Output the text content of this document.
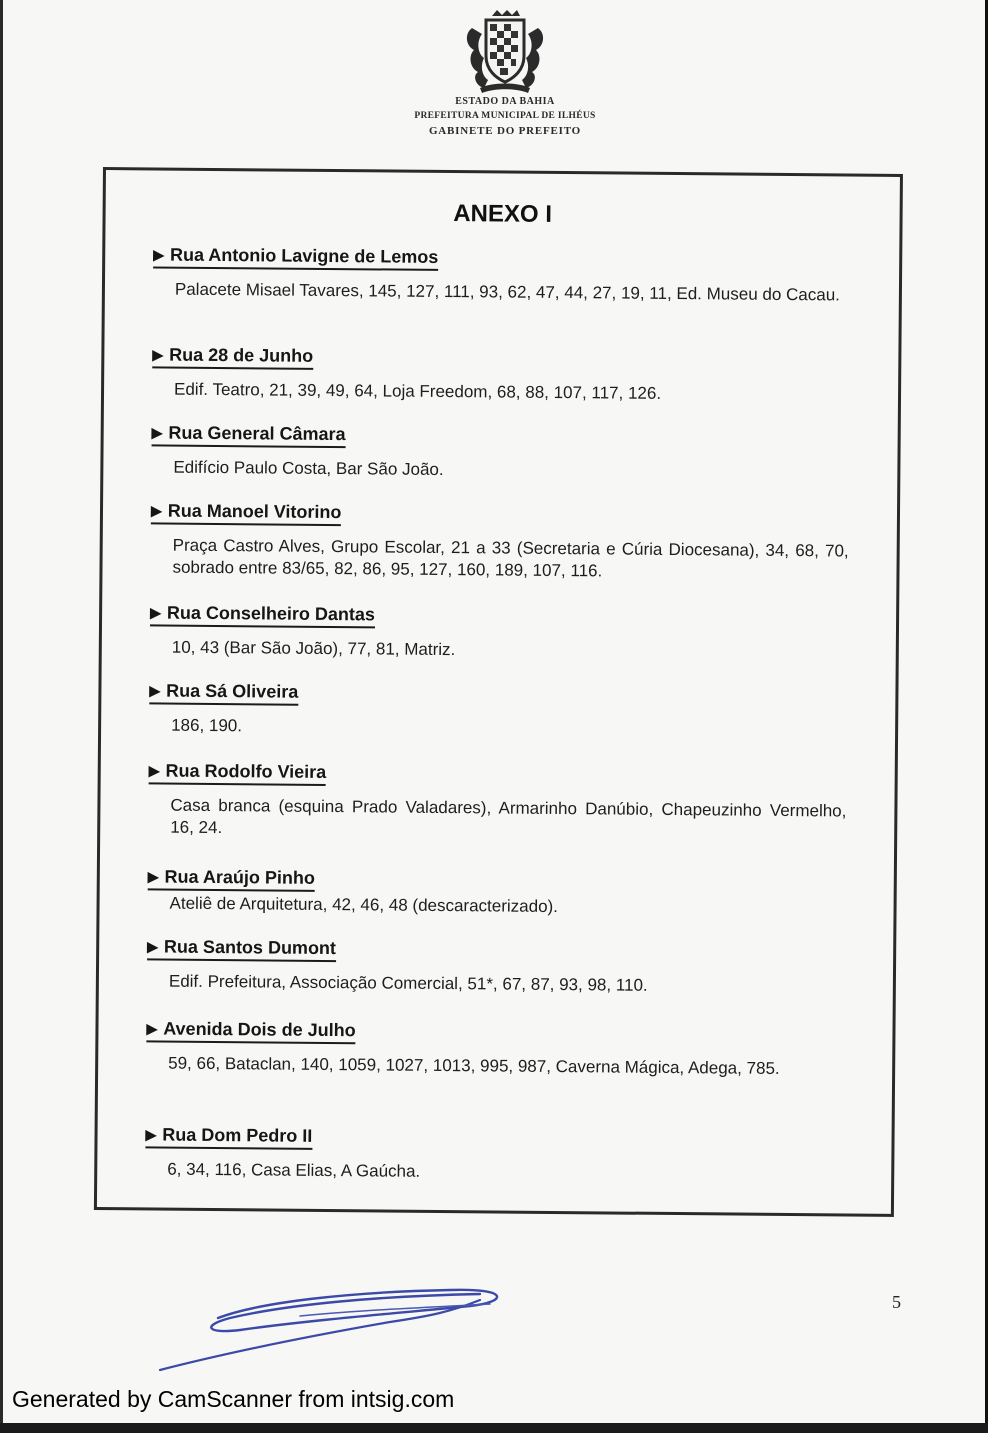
ESTADO DA BAHIA
PREFEITURA MUNICIPAL DE ILHÉUS
GABINETE DO PREFEITO
ANEXO I
▶ Rua Antonio Lavigne de Lemos
Palacete Misael Tavares, 145, 127, 111, 93, 62, 47, 44, 27, 19, 11, Ed. Museu do Cacau.
▶ Rua 28 de Junho
Edif. Teatro, 21, 39, 49, 64, Loja Freedom, 68, 88, 107, 117, 126.
▶ Rua General Câmara
Edifício Paulo Costa, Bar São João.
▶ Rua Manoel Vitorino
Praça Castro Alves, Grupo Escolar, 21 a 33 (Secretaria e Cúria Diocesana), 34, 68, 70, sobrado entre 83/65, 82, 86, 95, 127, 160, 189, 107, 116.
▶ Rua Conselheiro Dantas
10, 43 (Bar São João), 77, 81, Matriz.
▶ Rua Sá Oliveira
186, 190.
▶ Rua Rodolfo Vieira
Casa branca (esquina Prado Valadares), Armarinho Danúbio, Chapeuzinho Vermelho, 16, 24.
▶ Rua Araújo Pinho
Ateliê de Arquitetura, 42, 46, 48 (descaracterizado).
▶ Rua Santos Dumont
Edif. Prefeitura, Associação Comercial, 51*, 67, 87, 93, 98, 110.
▶ Avenida Dois de Julho
59, 66, Bataclan, 140, 1059, 1027, 1013, 995, 987, Caverna Mágica, Adega, 785.
▶ Rua Dom Pedro II
6, 34, 116, Casa Elias, A Gaúcha.
5
Generated by CamScanner from intsig.com
